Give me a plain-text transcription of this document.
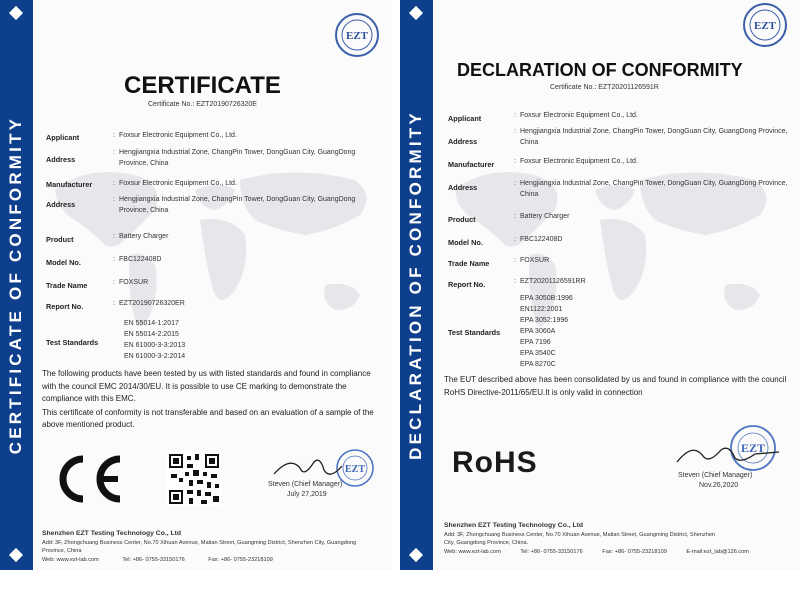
CERTIFICATE OF CONFORMITY
EZT
CERTIFICATE
Certificate No.: EZT20190726320E
Applicant	: Foxsur Electronic Equipment Co., Ltd.
Address
: Hengjiangxia Industrial Zone, ChangPin Tower, DongGuan City, GuangDong Province, China
Manufacturer	: Foxsur Electronic Equipment Co., Ltd.
Address
: Hengjiangxia Industrial Zone, ChangPin Tower, DongGuan City, GuangDong Province, China
Product	: Battery Charger
Model No.	: FBC122408D
Trade Name	: FOXSUR
Report No.	: EZT20190726320ER
Test Standards
EN 55014-1:2017
EN 55014-2:2015
EN 61000-3-3:2013
EN 61000-3-2:2014

The following products have been tested by us with listed standards and found in compliance with the council EMC 2014/30/EU. It is possible to use CE marking to demonstrate the compliance with this EMC.

This certificate of conformity is not transferable and based on an evaluation of a sample of the above mentioned product.

CE
EZT
Steven (Chief Manager)
July 27,2019
Shenzhen EZT Testing Technology Co., Ltd
Add: 3F, Zhongchuang Business Center, No.70 Xihuan Avenue, Matian Street, Guangming District, Shenzhen City, Guangdong
Province, China
Web: www.ezt-lab.com	Tel: +86- 0755-33150176	Fax: +86- 0755-23218109
DECLARATION OF CONFORMITY
EZT
DECLARATION OF CONFORMITY
Certificate No.: EZT20201126591R
Applicant	: Foxsur Electronic Equipment Co., Ltd.
Address
: Hengjiangxia Industrial Zone, ChangPin Tower, DongGuan City, GuangDong Province, China
Manufacturer	: Foxsur Electronic Equipment Co., Ltd.
Address	: Hengjiangxia Industrial Zone, ChangPin Tower, DongGuan City, GuangDong Province, China
Product	: Battery Charger
Model No.	: FBC122408D
Trade Name	: FOXSUR
Report No.	: EZT20201126591RR
Test Standards
EPA 3050B:1996
EN1122:2001
EPA 3052:1996
EPA 3060A
EPA 7196
EPA 3540C
EPA 8270C

The EUT described above has been consolidated by us and found in compliance with the council RoHS Directive-2011/65/EU.It is only valid in connection

RoHS	EZT
Steven (Chief Manager)
Nov.26,2020
Shenzhen EZT Testing Technology Co., Ltd
Add: 3F, Zhongchuang Business Center, No.70 Xihuan Avenue, Matian Street, Guangming District, Shenzhen
City, Guangdong Province, China.
Web: www.ezt-lab.com	Tel: +86- 0755-33150176	Fax: +86- 0755-23218109	E-mail:ezt_lab@126.com
